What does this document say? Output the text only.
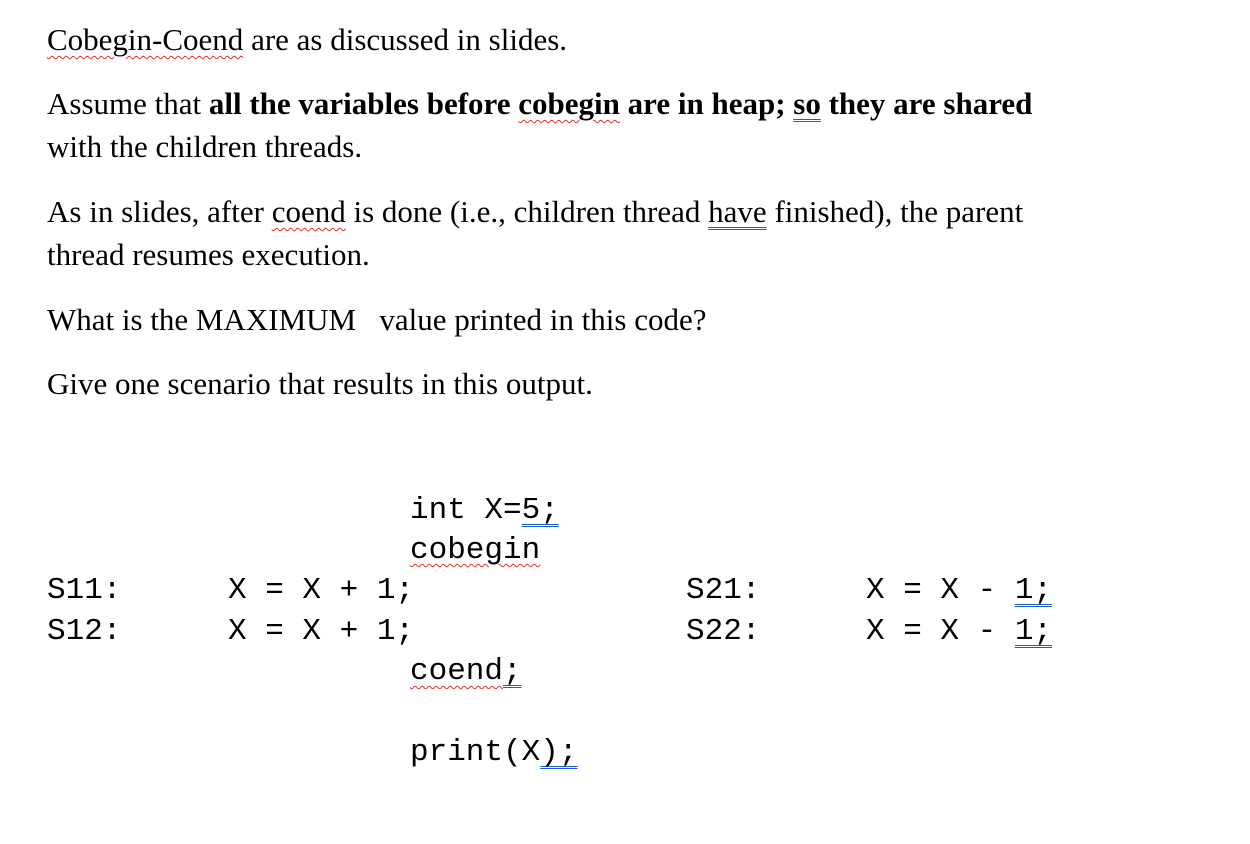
Cobegin-Coend are as discussed in slides.
Assume that all the variables before cobegin are in heap; so they are shared
with the children threads.
As in slides, after coend is done (i.e., children thread have finished), the parent
thread resumes execution.
What is the MAXIMUM   value printed in this code?
Give one scenario that results in this output.
int X=5;
cobegin
S11:	X = X + 1;	S21:	X = X - 1;
S12:	X = X + 1;	S22:	X = X - 1;
coend;
print(X);
